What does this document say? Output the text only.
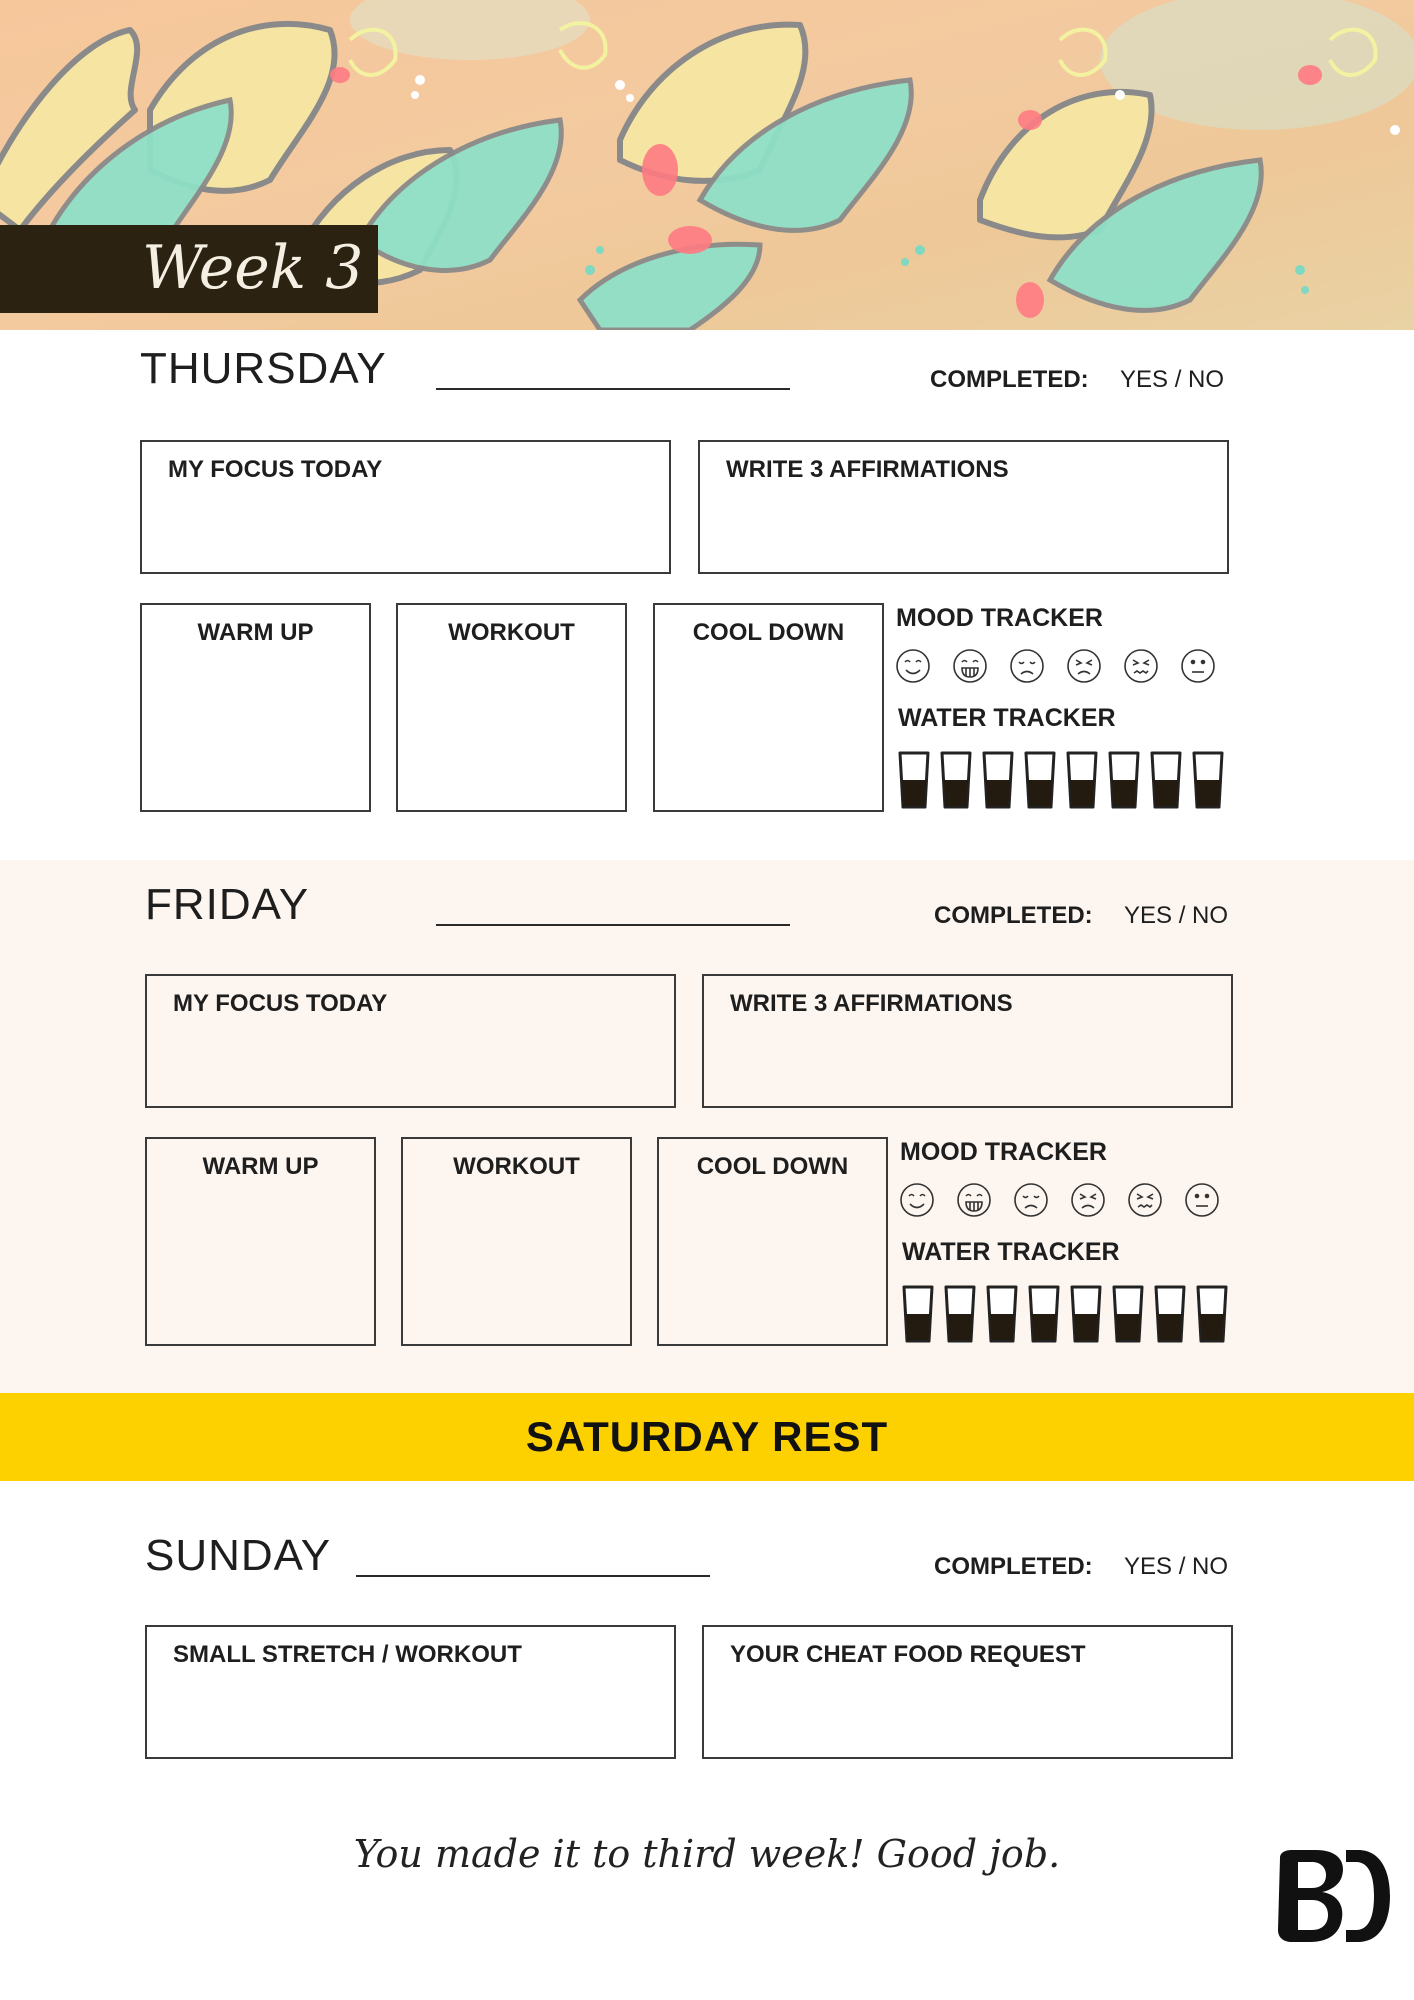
Week 3
THURSDAY	COMPLETED: YES / NO
MY FOCUS TODAY	WRITE 3 AFFIRMATIONS
WARM UP	WORKOUT	COOL DOWN
MOOD TRACKER
WATER TRACKER
FRIDAY	COMPLETED: YES / NO
MY FOCUS TODAY	WRITE 3 AFFIRMATIONS
WARM UP	WORKOUT	COOL DOWN
MOOD TRACKER
WATER TRACKER
SATURDAY REST
SUNDAY	COMPLETED: YES / NO
SMALL STRETCH / WORKOUT	YOUR CHEAT FOOD REQUEST
You made it to third week! Good job.
